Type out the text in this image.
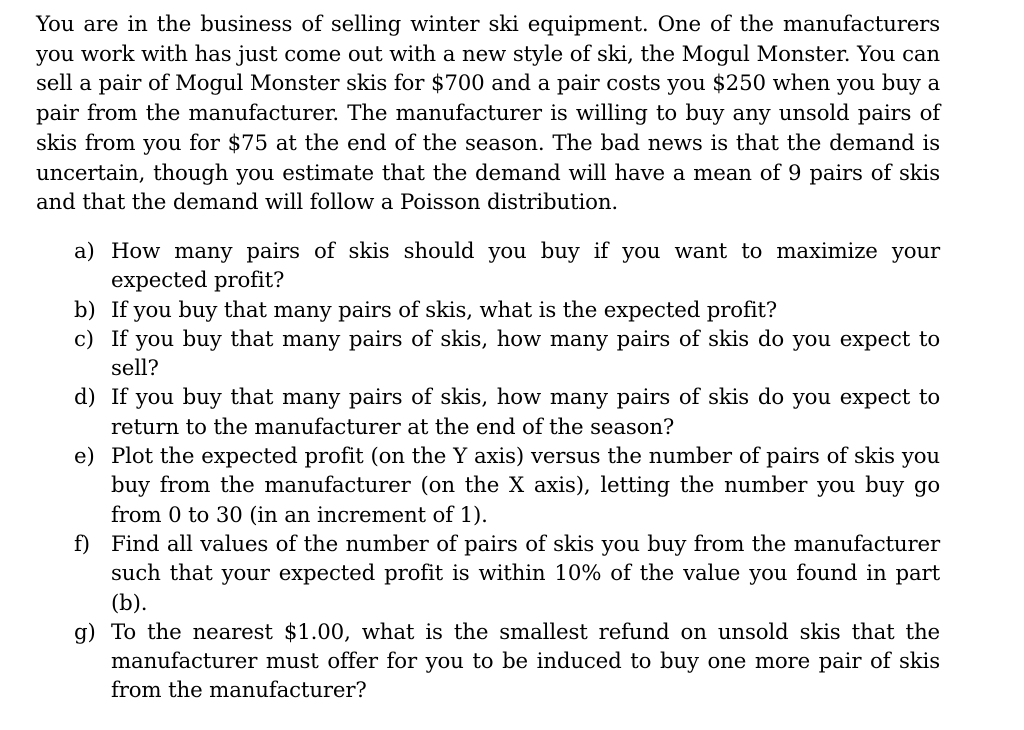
You are in the business of selling winter ski equipment. One of the manufacturers you work with has just come out with a new style of ski, the Mogul Monster. You can sell a pair of Mogul Monster skis for $700 and a pair costs you $250 when you buy a pair from the manufacturer. The manufacturer is willing to buy any unsold pairs of skis from you for $75 at the end of the season. The bad news is that the demand is uncertain, though you estimate that the demand will have a mean of 9 pairs of skis and that the demand will follow a Poisson distribution.

a) How many pairs of skis should you buy if you want to maximize your expected profit?
b) If you buy that many pairs of skis, what is the expected profit?
c) If you buy that many pairs of skis, how many pairs of skis do you expect to sell?
d) If you buy that many pairs of skis, how many pairs of skis do you expect to return to the manufacturer at the end of the season?
e) Plot the expected profit (on the Y axis) versus the number of pairs of skis you buy from the manufacturer (on the X axis), letting the number you buy go from 0 to 30 (in an increment of 1).
f) Find all values of the number of pairs of skis you buy from the manufacturer such that your expected profit is within 10% of the value you found in part (b).
g) To the nearest $1.00, what is the smallest refund on unsold skis that the manufacturer must offer for you to be induced to buy one more pair of skis from the manufacturer?
